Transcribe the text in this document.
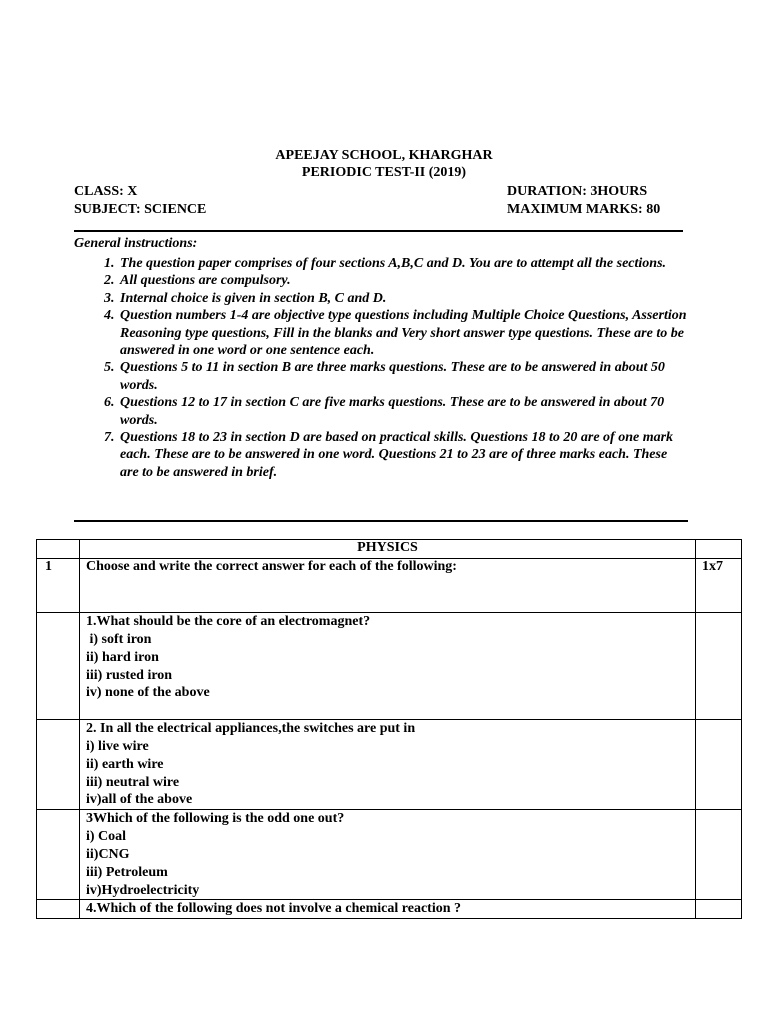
APEEJAY SCHOOL, KHARGHAR
PERIODIC TEST-II (2019)
CLASS: X	DURATION: 3HOURS
SUBJECT: SCIENCE	MAXIMUM MARKS: 80
General instructions:
1. The question paper comprises of four sections A,B,C and D. You are to attempt all the sections.
2. All questions are compulsory.
3. Internal choice is given in section B, C and D.
4. Question numbers 1-4 are objective type questions including Multiple Choice Questions, Assertion Reasoning type questions, Fill in the blanks and Very short answer type questions. These are to be answered in one word or one sentence each.
5. Questions 5 to 11 in section B are three marks questions. These are to be answered in about 50 words.
6. Questions 12 to 17 in section C are five marks questions. These are to be answered in about 70 words.
7. Questions 18 to 23 in section D are based on practical skills. Questions 18 to 20 are of one mark each. These are to be answered in one word. Questions 21 to 23 are of three marks each. These are to be answered in brief.
	PHYSICS	
1	Choose and write the correct answer for each of the following:	1x7

	1.What should be the core of an electromagnet?
i) soft iron
ii) hard iron
iii) rusted iron
iv) none of the above	

	2. In all the electrical appliances,the switches are put in
i) live wire
ii) earth wire
iii) neutral wire
iv)all of the above	

	3Which of the following is the odd one out?
i) Coal
ii)CNG
iii) Petroleum
iv)Hydroelectricity	

	4.Which of the following does not involve a chemical reaction ?	
